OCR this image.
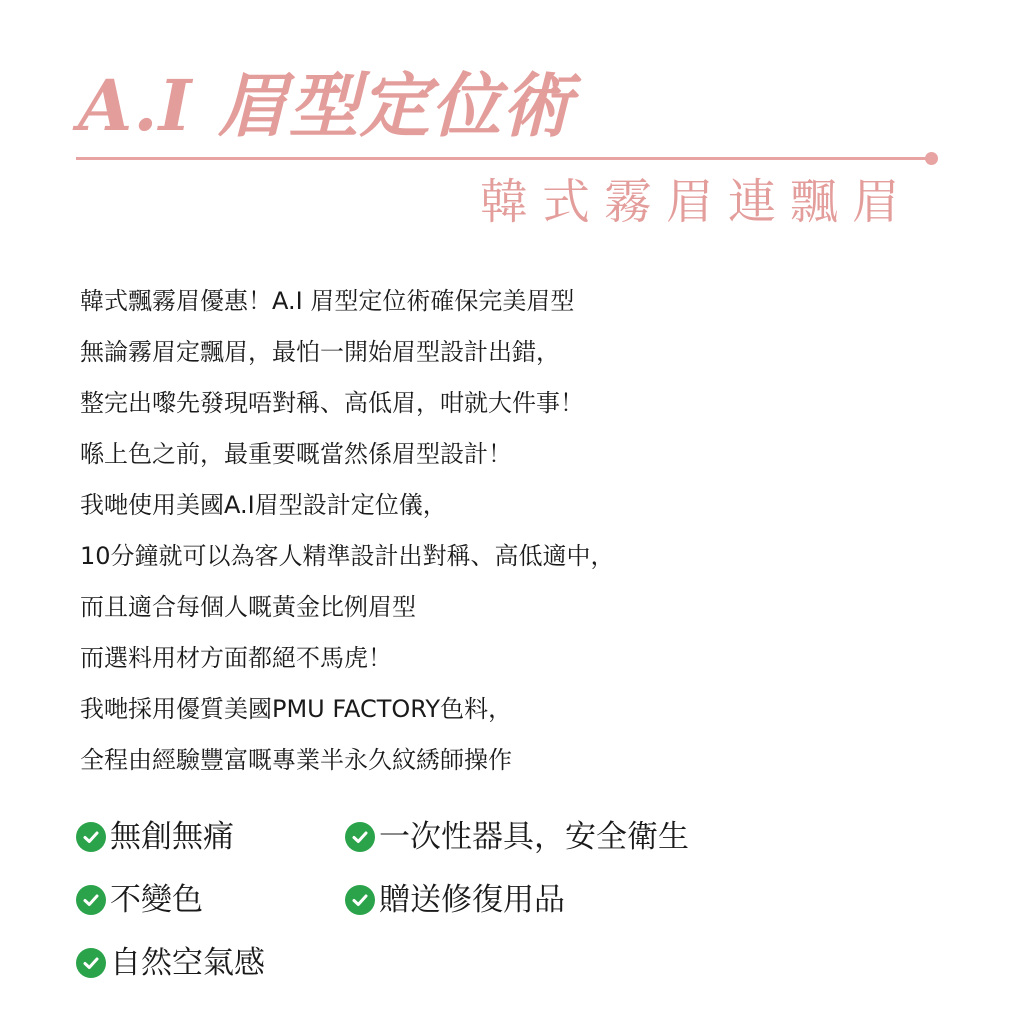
A.I 眉型定位術
韓式霧眉連飄眉
韓式飄霧眉優惠！A.I 眉型定位術確保完美眉型
無論霧眉定飄眉，最怕一開始眉型設計出錯，
整完出嚟先發現唔對稱、高低眉，咁就大件事！
喺上色之前，最重要嘅當然係眉型設計！
我哋使用美國A.I眉型設計定位儀，
10分鐘就可以為客人精準設計出對稱、高低適中，
而且適合每個人嘅黃金比例眉型
而選料用材方面都絕不馬虎！
我哋採用優質美國PMU FACTORY色料，
全程由經驗豐富嘅專業半永久紋綉師操作
無創無痛	一次性器具，安全衛生
不變色	贈送修復用品
自然空氣感
